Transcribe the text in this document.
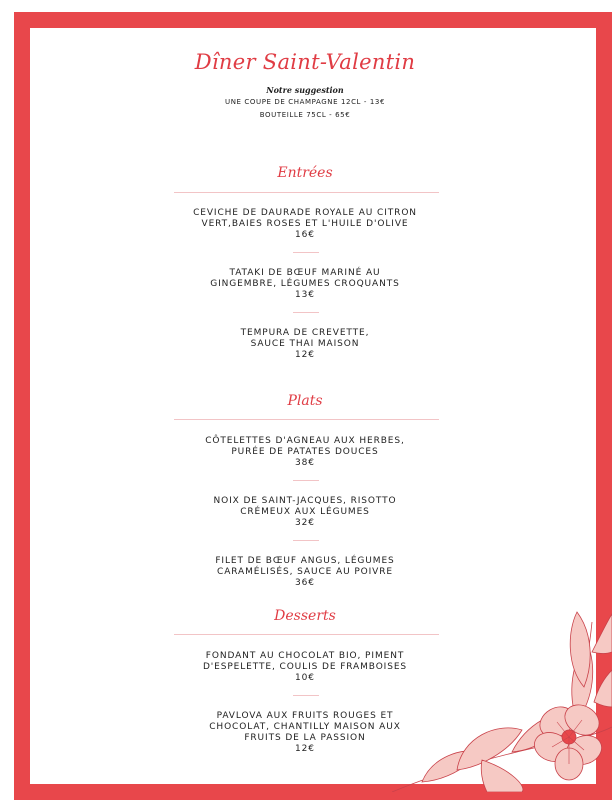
Dîner Saint-Valentin
Notre suggestion
UNE COUPE DE CHAMPAGNE 12CL - 13€
BOUTEILLE 75CL - 65€
Entrées
CEVICHE DE DAURADE ROYALE AU CITRON
VERT,BAIES ROSES ET L'HUILE D'OLIVE
16€
TATAKI DE BŒUF MARINÉ AU
GINGEMBRE, LÉGUMES CROQUANTS
13€
TEMPURA DE CREVETTE,
SAUCE THAI MAISON
12€
Plats
CÔTELETTES D'AGNEAU AUX HERBES,
PURÉE DE PATATES DOUCES
38€
NOIX DE SAINT-JACQUES, RISOTTO
CRÉMEUX AUX LÉGUMES
32€
FILET DE BŒUF ANGUS, LÉGUMES
CARAMÉLISÉS, SAUCE AU POIVRE
36€
Desserts
FONDANT AU CHOCOLAT BIO, PIMENT
D'ESPELETTE, COULIS DE FRAMBOISES
10€
PAVLOVA AUX FRUITS ROUGES ET
CHOCOLAT, CHANTILLY MAISON AUX
FRUITS DE LA PASSION
12€
